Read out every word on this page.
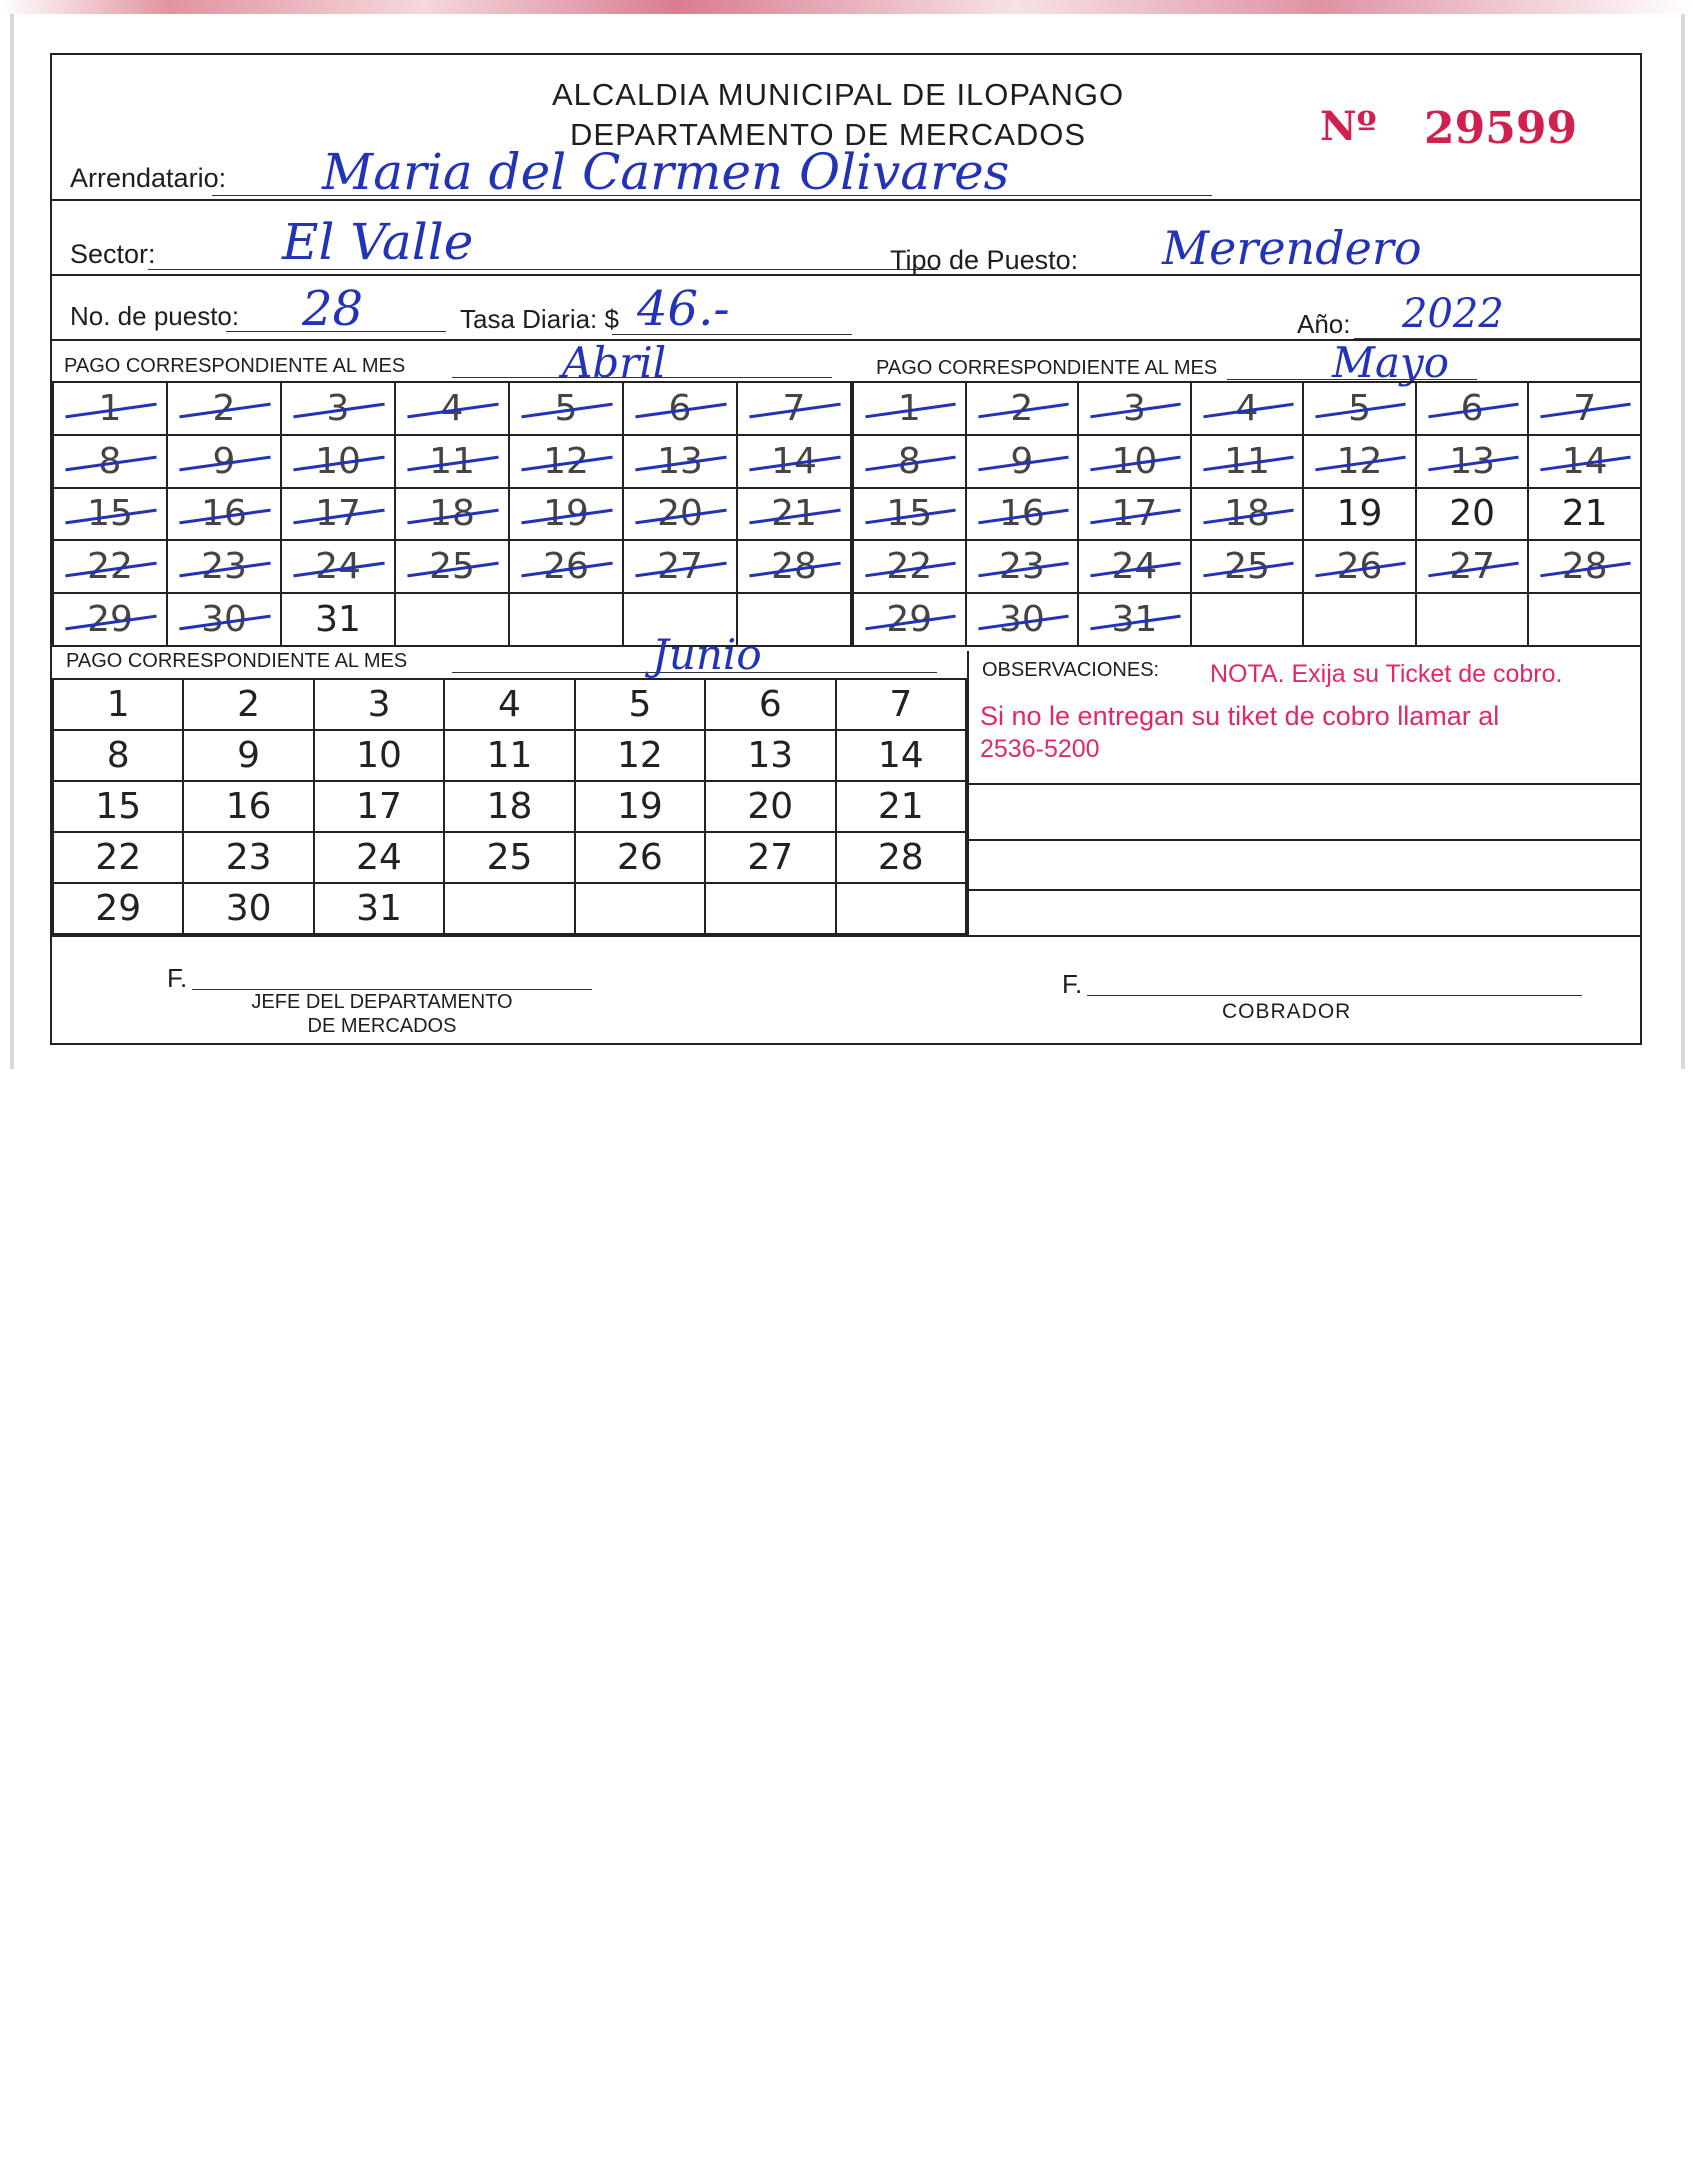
ALCALDIA MUNICIPAL DE ILOPANGO
DEPARTAMENTO DE MERCADOS	Nº 29599
Arrendatario: Maria del Carmen Olivares
Sector:	El Valle	Tipo de Puesto: Merendero
No. de puesto: 28	Tasa Diaria: $ 46.-	Año: 2022
PAGO CORRESPONDIENTE AL MES	Abril	PAGO CORRESPONDIENTE AL MES	Mayo
1	2	3	4	5	6	7
8	9	10	11	12	13	14
15	16	17	18	19	20	21
22	23	24	25	26	27	28
29	30	31				
1	2	3	4	5	6	7
8	9	10	11	12	13	14
15	16	17	18	19	20	21
22	23	24	25	26	27	28
29	30	31				
PAGO CORRESPONDIENTE AL MES	Junio
1	2	3	4	5	6	7
8	9	10	11	12	13	14
15	16	17	18	19	20	21
22	23	24	25	26	27	28
29	30	31				
OBSERVACIONES: NOTA. Exija su Ticket de cobro.
Si no le entregan su tiket de cobro llamar al
2536-5200
F.
JEFE DEL DEPARTAMENTO
DE MERCADOS
F.
COBRADOR
